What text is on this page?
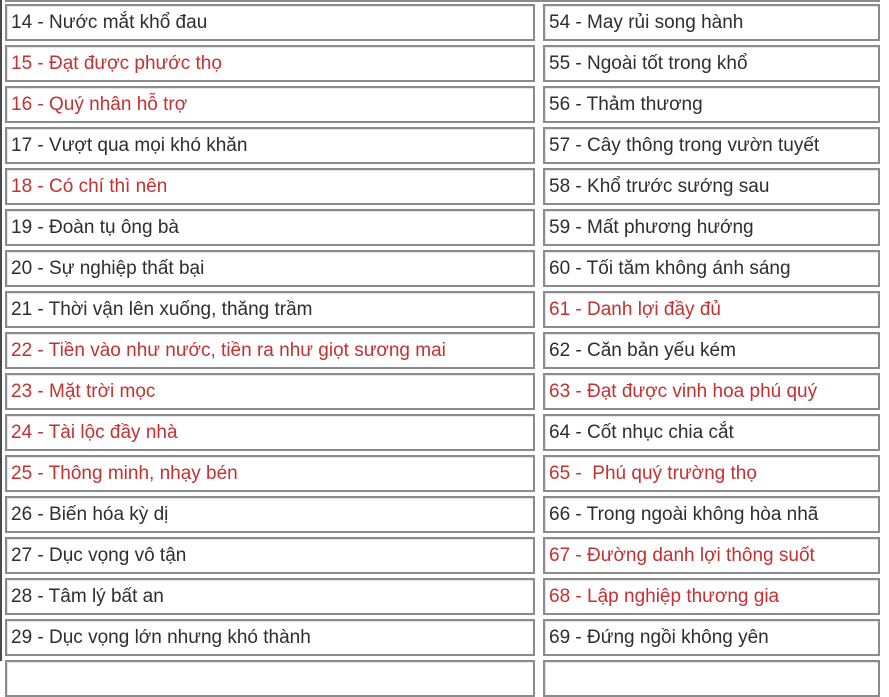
14 - Nước mắt khổ đau	54 - May rủi song hành
15 - Đạt được phước thọ	55 - Ngoài tốt trong khổ
16 - Quý nhân hỗ trợ	56 - Thảm thương
17 - Vượt qua mọi khó khăn	57 - Cây thông trong vườn tuyết
18 - Có chí thì nên	58 - Khổ trước sướng sau
19 - Đoàn tụ ông bà	59 - Mất phương hướng
20 - Sự nghiệp thất bại	60 - Tối tăm không ánh sáng
21 - Thời vận lên xuống, thăng trầm	61 - Danh lợi đầy đủ
22 - Tiền vào như nước, tiền ra như giọt sương mai	62 - Căn bản yếu kém
23 - Mặt trời mọc	63 - Đạt được vinh hoa phú quý
24 - Tài lộc đầy nhà	64 - Cốt nhục chia cắt
25 - Thông minh, nhạy bén	65 -  Phú quý trường thọ
26 - Biến hóa kỳ dị	66 - Trong ngoài không hòa nhã
27 - Dục vọng vô tận	67 - Đường danh lợi thông suốt
28 - Tâm lý bất an	68 - Lập nghiệp thương gia
29 - Dục vọng lớn nhưng khó thành	69 - Đứng ngồi không yên
